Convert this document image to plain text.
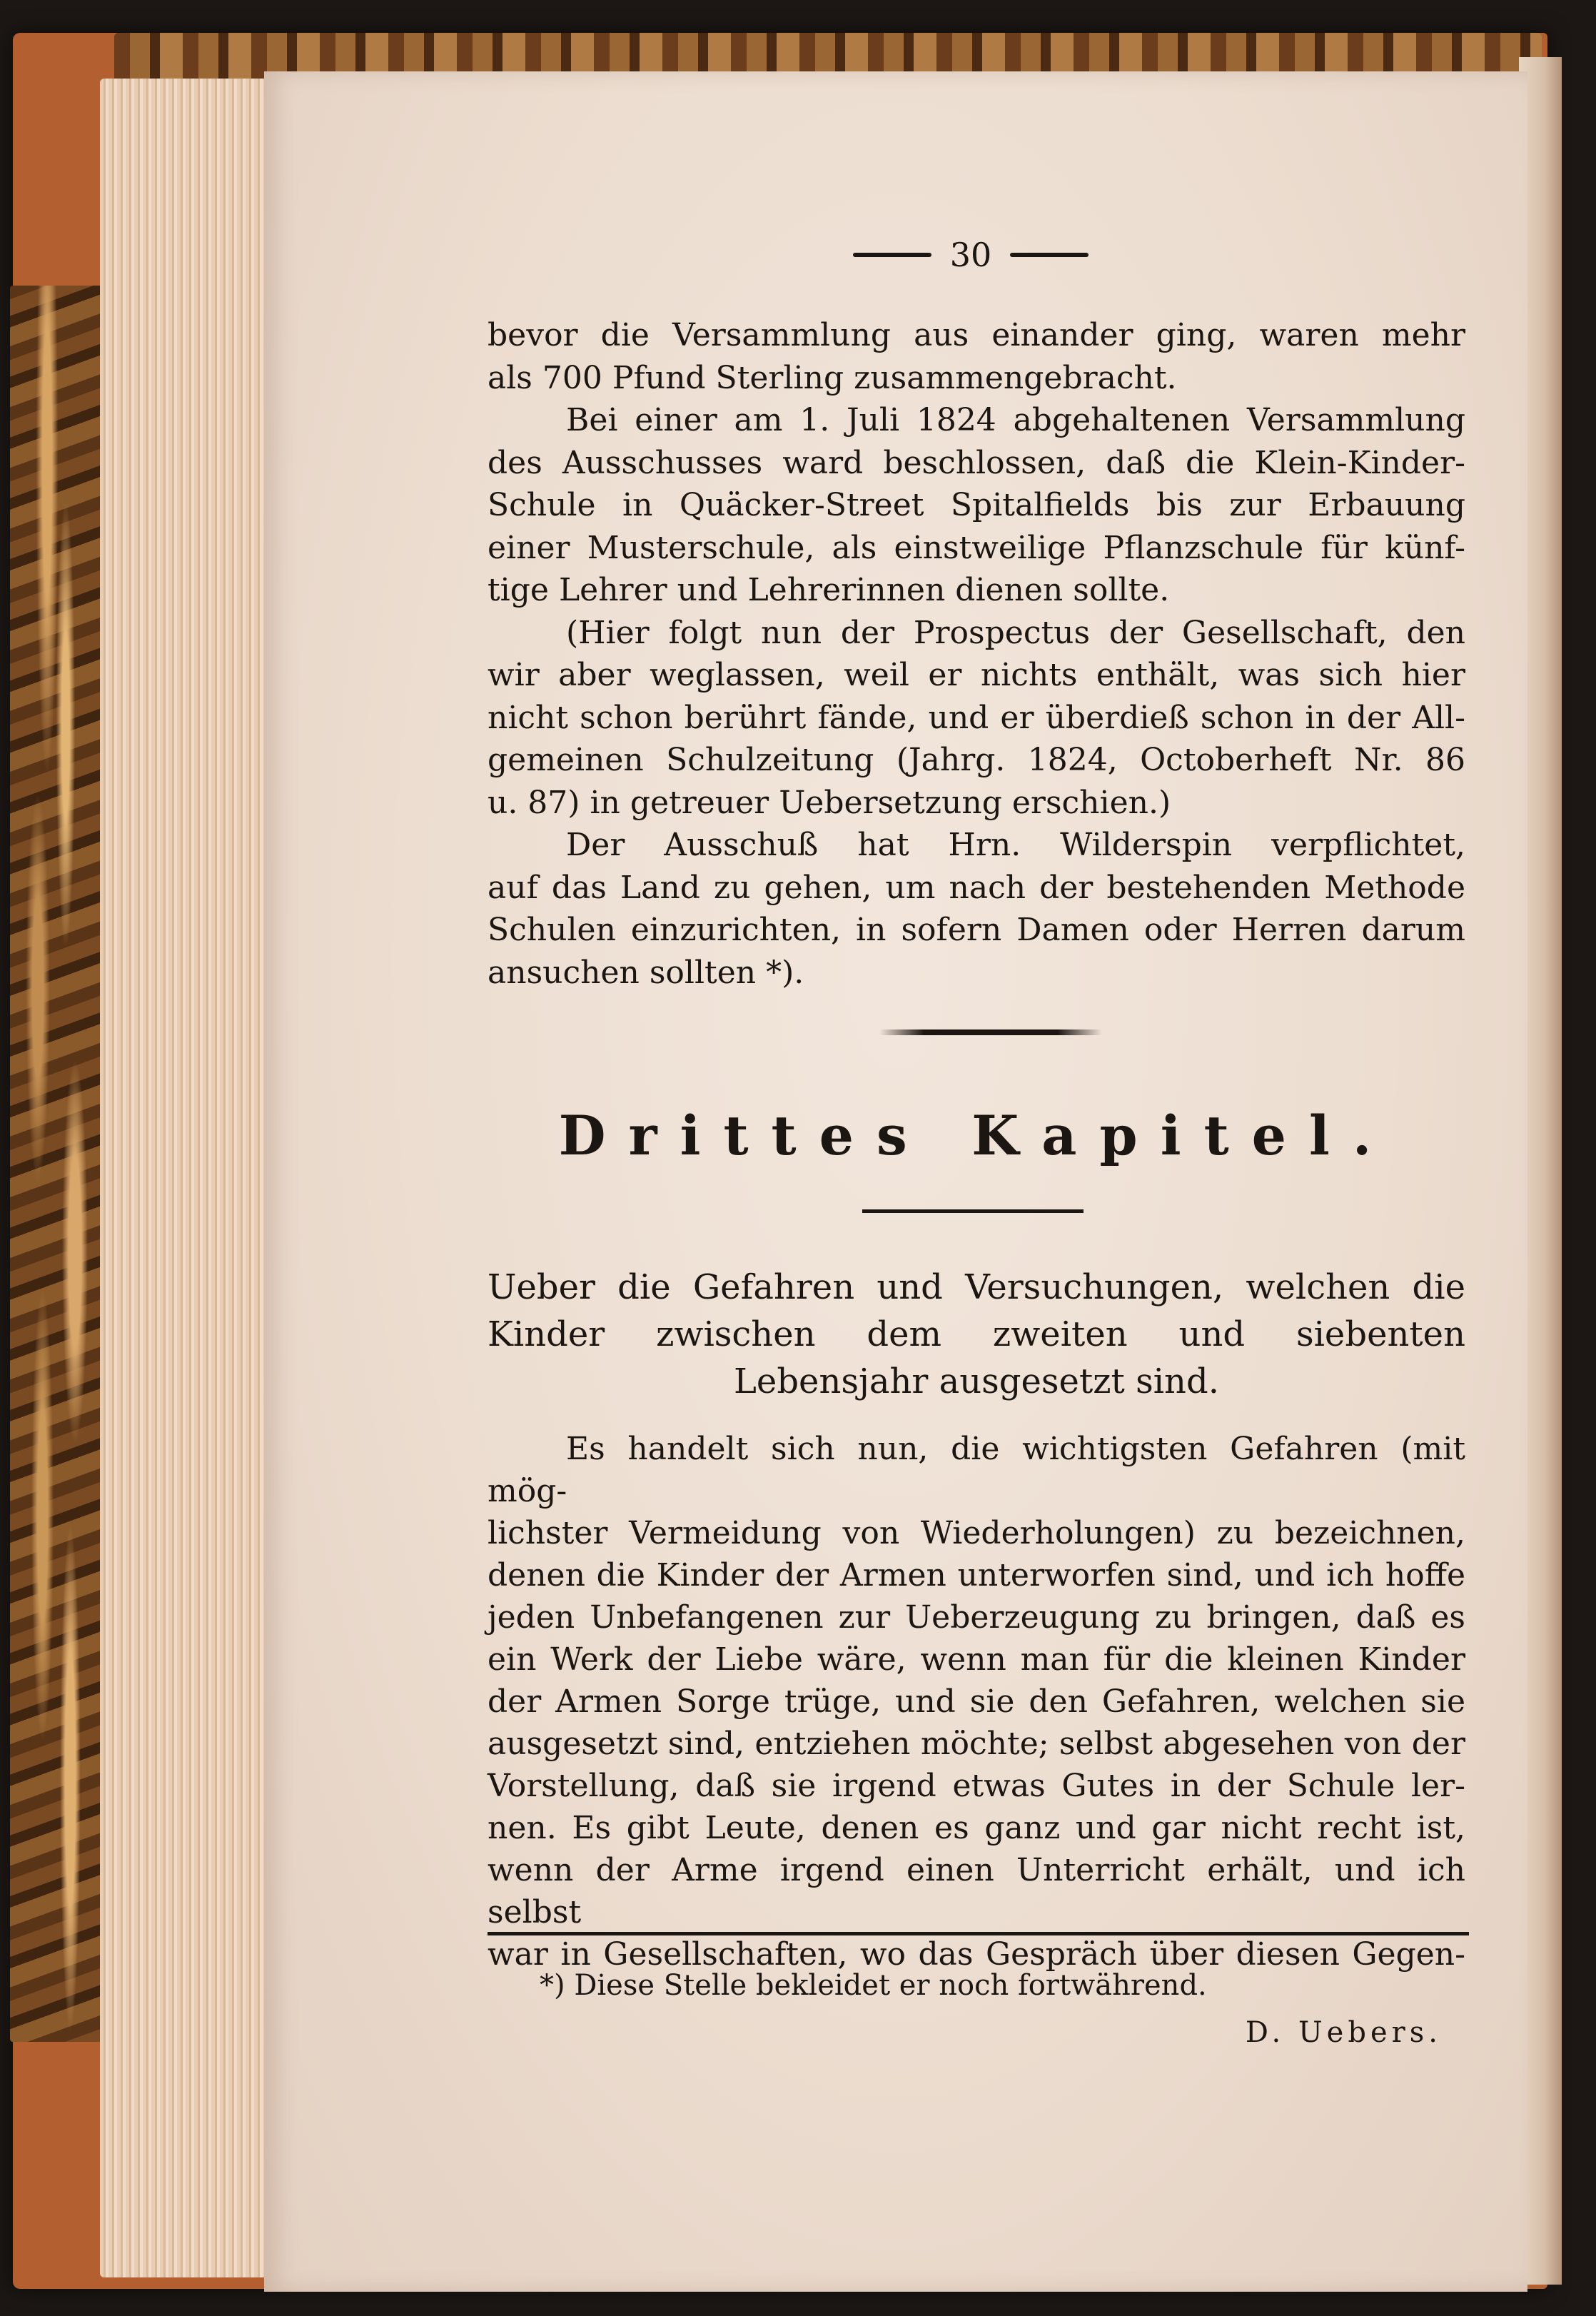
30

bevor die Versammlung aus einander ging, waren mehr

als 700 Pfund Sterling zusammengebracht.

Bei einer am 1. Juli 1824 abgehaltenen Versammlung

des Ausschusses ward beschlossen, daß die Klein-Kinder-

Schule in Quäcker-Street Spitalfields bis zur Erbauung

einer Musterschule, als einstweilige Pflanzschule für künf-

tige Lehrer und Lehrerinnen dienen sollte.

(Hier folgt nun der Prospectus der Gesellschaft, den

wir aber weglassen, weil er nichts enthält, was sich hier

nicht schon berührt fände, und er überdieß schon in der All-

gemeinen Schulzeitung (Jahrg. 1824, Octoberheft Nr. 86

u. 87) in getreuer Uebersetzung erschien.)

Der Ausschuß hat Hrn. Wilderspin verpflichtet,

auf das Land zu gehen, um nach der bestehenden Methode

Schulen einzurichten, in sofern Damen oder Herren darum

ansuchen sollten *).

Drittes Kapitel.
Ueber die Gefahren und Versuchungen, welchen die Kinder zwischen dem zweiten und siebenten Lebensjahr ausgesetzt sind.

Es handelt sich nun, die wichtigsten Gefahren (mit mög-

lichster Vermeidung von Wiederholungen) zu bezeichnen,

denen die Kinder der Armen unterworfen sind, und ich hoffe

jeden Unbefangenen zur Ueberzeugung zu bringen, daß es

ein Werk der Liebe wäre, wenn man für die kleinen Kinder

der Armen Sorge trüge, und sie den Gefahren, welchen sie

ausgesetzt sind, entziehen möchte; selbst abgesehen von der

Vorstellung, daß sie irgend etwas Gutes in der Schule ler-

nen. Es gibt Leute, denen es ganz und gar nicht recht ist,

wenn der Arme irgend einen Unterricht erhält, und ich selbst

war in Gesellschaften, wo das Gespräch über diesen Gegen-

*) Diese Stelle bekleidet er noch fortwährend.
D. Uebers.
